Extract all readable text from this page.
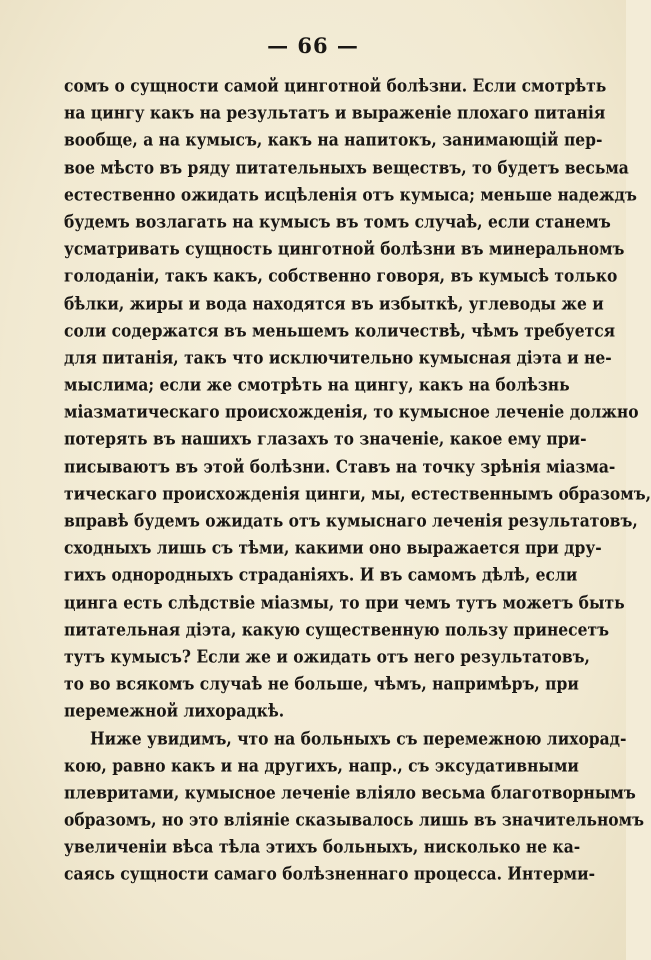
— 66 —
сомъ о сущности самой цинготной болѣзни. Если смотрѣть
на цингу какъ на результатъ и выраженіе плохаго питанія
вообще, а на кумысъ, какъ на напитокъ, занимающій пер-
вое мѣсто въ ряду питательныхъ веществъ, то будетъ весьма
естественно ожидать исцѣленія отъ кумыса; меньше надеждъ
будемъ возлагать на кумысъ въ томъ случаѣ, если станемъ
усматривать сущность цинготной болѣзни въ минеральномъ
голоданіи, такъ какъ, собственно говоря, въ кумысѣ только
бѣлки, жиры и вода находятся въ избыткѣ, углеводы же и
соли содержатся въ меньшемъ количествѣ, чѣмъ требуется
для питанія, такъ что исключительно кумысная діэта и не-
мыслима; если же смотрѣть на цингу, какъ на болѣзнь
міазматическаго происхожденія, то кумысное леченіе должно
потерять въ нашихъ глазахъ то значеніе, какое ему при-
писываютъ въ этой болѣзни. Ставъ на точку зрѣнія міазма-
тическаго происхожденія цинги, мы, естественнымъ образомъ,
вправѣ будемъ ожидать отъ кумыснаго леченія результатовъ,
сходныхъ лишь съ тѣми, какими оно выражается при дру-
гихъ однородныхъ страданіяхъ. И въ самомъ дѣлѣ, если
цинга есть слѣдствіе міазмы, то при чемъ тутъ можетъ быть
питательная діэта, какую существенную пользу принесетъ
тутъ кумысъ? Если же и ожидать отъ него результатовъ,
то во всякомъ случаѣ не больше, чѣмъ, напримѣръ, при
перемежной лихорадкѣ.
Ниже увидимъ, что на больныхъ съ перемежною лихорад-
кою, равно какъ и на другихъ, напр., съ эксудативными
плевритами, кумысное леченіе вліяло весьма благотворнымъ
образомъ, но это вліяніе сказывалось лишь въ значительномъ
увеличеніи вѣса тѣла этихъ больныхъ, нисколько не ка-
саясь сущности самаго болѣзненнаго процесса. Интерми-
